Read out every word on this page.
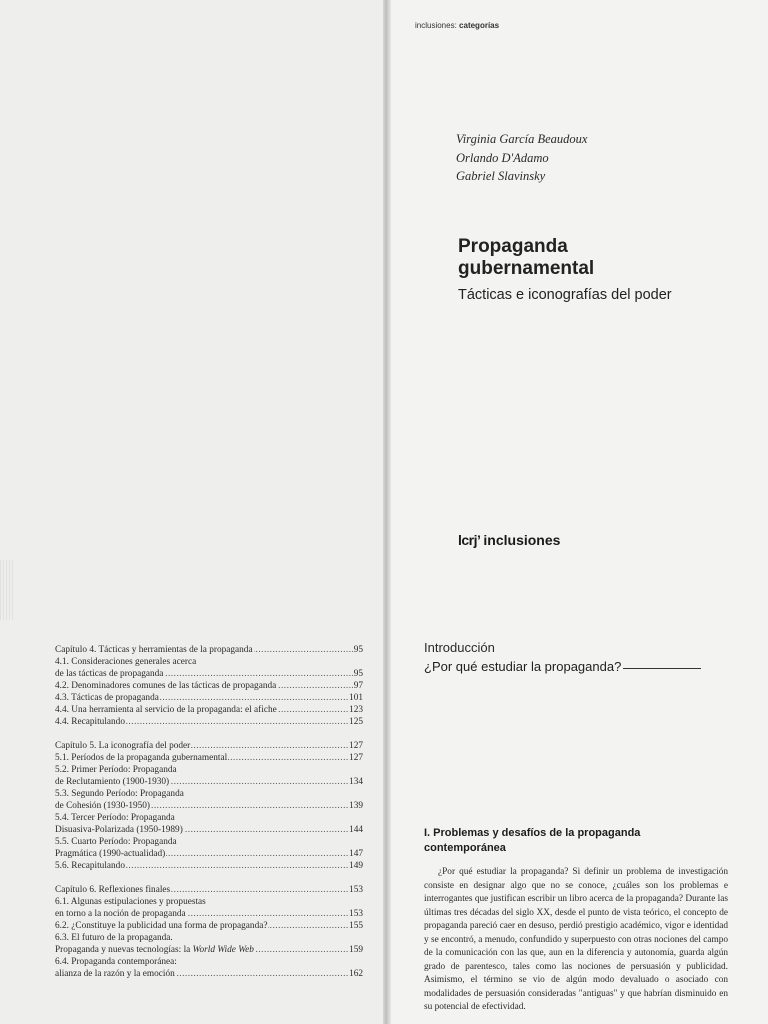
..... Capítulo 4. Tácticas y herramientas de la propaganda	95
4.1. Consideraciones generales acerca
..... de las tácticas de propaganda	95
..... 4.2. Denominadores comunes de las tácticas de propaganda	97
..... 4.3. Tácticas de propaganda	101
..... 4.4. Una herramienta al servicio de la propaganda: el afiche	123
..... 4.4. Recapitulando	125
..... Capítulo 5. La iconografía del poder	127
..... 5.1. Períodos de la propaganda gubernamental	127
5.2. Primer Período: Propaganda
..... de Reclutamiento (1900-1930)	134
5.3. Segundo Período: Propaganda
..... de Cohesión (1930-1950)	139
5.4. Tercer Período: Propaganda
..... Disuasiva-Polarizada (1950-1989)	144
5.5. Cuarto Período: Propaganda
..... Pragmática (1990-actualidad)	147
..... 5.6. Recapitulando	149
..... Capítulo 6. Reflexiones finales	153
6.1. Algunas estipulaciones y propuestas
..... en torno a la noción de propaganda	153
..... 6.2. ¿Constituye la publicidad una forma de propaganda?	155
6.3. El futuro de la propaganda.
..... Propaganda y nuevas tecnologías: la World Wide Web	159
6.4. Propaganda contemporánea:
..... alianza de la razón y la emoción	162
inclusiones: categorías
Virginia García Beaudoux
Orlando D'Adamo
Gabriel Slavinsky
Propaganda
gubernamental
Tácticas e iconografías del poder
lcrj’ inclusiones
Introducción
¿Por qué estudiar la propaganda?
I. Problemas y desafíos de la propaganda contemporánea
¿Por qué estudiar la propaganda? Si definir un problema de investigación consiste en designar algo que no se conoce, ¿cuáles son los problemas e interrogantes que justifican escribir un libro acerca de la propaganda? Durante las últimas tres décadas del siglo XX, desde el punto de vista teórico, el concepto de propaganda pareció caer en desuso, perdió prestigio académico, vigor e identidad y se encontró, a menudo, confundido y superpuesto con otras nociones del campo de la comunicación con las que, aun en la diferencia y autonomía, guarda algún grado de parentesco, tales como las nociones de persuasión y publicidad. Asimismo, el término se vio de algún modo devaluado o asociado con modalidades de persuasión consideradas "antiguas" y que habrían disminuido en su potencial de efectividad.
